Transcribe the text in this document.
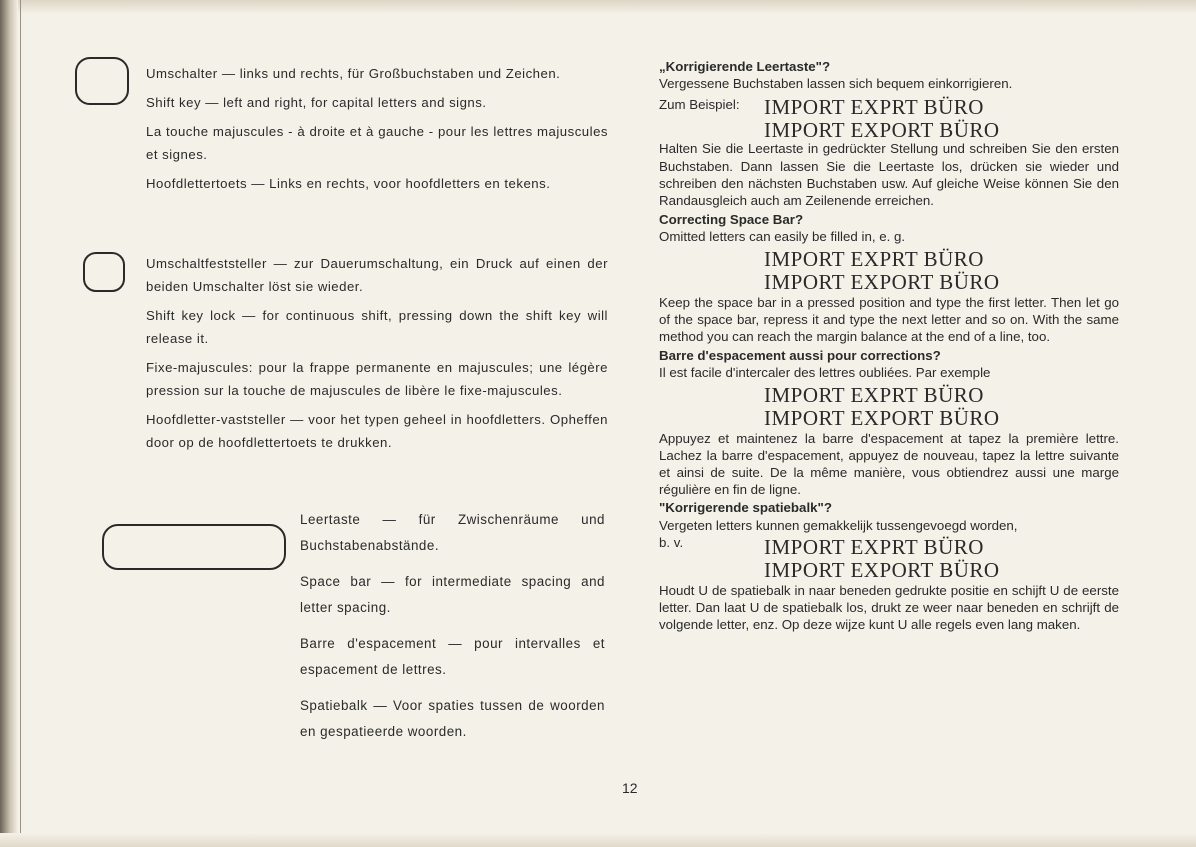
Umschalter — links und rechts, für Großbuchstaben und Zeichen.

Shift key — left and right, for capital letters and signs.

La touche majuscules - à droite et à gauche - pour les lettres majuscules et signes.

Hoofdlettertoets — Links en rechts, voor hoofdletters en tekens.

Umschaltfeststeller — zur Dauerumschaltung, ein Druck auf einen der beiden Umschalter löst sie wieder.

Shift key lock — for continuous shift, pressing down the shift key will release it.

Fixe-majuscules: pour la frappe permanente en majuscules; une légère pression sur la touche de majuscules de libère le fixe-majuscules.

Hoofdletter-vaststeller — voor het typen geheel in hoofdletters. Opheffen door op de hoofdlettertoets te drukken.

Leertaste — für Zwischenräume und Buchstabenabstände.

Space bar — for intermediate spacing and letter spacing.

Barre d'espacement — pour intervalles et espacement de lettres.

Spatiebalk — Voor spaties tussen de woorden en gespatieerde woorden.

„Korrigierende Leertaste"?
Vergessene Buchstaben lassen sich bequem einkorrigieren.
Zum Beispiel: IMPORT EXPRT BÜRO
IMPORT EXPORT BÜRO
Halten Sie die Leertaste in gedrückter Stellung und schreiben Sie den ersten Buchstaben. Dann lassen Sie die Leertaste los, drücken sie wieder und schreiben den nächsten Buchstaben usw. Auf gleiche Weise können Sie den Randausgleich auch am Zeilenende erreichen.
Correcting Space Bar?
Omitted letters can easily be filled in, e. g.
IMPORT EXPRT BÜRO
IMPORT EXPORT BÜRO
Keep the space bar in a pressed position and type the first letter. Then let go of the space bar, repress it and type the next letter and so on. With the same method you can reach the margin balance at the end of a line, too.
Barre d'espacement aussi pour corrections?
Il est facile d'intercaler des lettres oubliées. Par exemple
IMPORT EXPRT BÜRO
IMPORT EXPORT BÜRO
Appuyez et maintenez la barre d'espacement at tapez la première lettre. Lachez la barre d'espacement, appuyez de nouveau, tapez la lettre suivante et ainsi de suite. De la même manière, vous obtiendrez aussi une marge régulière en fin de ligne.
"Korrigerende spatiebalk"?
Vergeten letters kunnen gemakkelijk tussengevoegd worden,
b. v.	IMPORT EXPRT BÜRO
IMPORT EXPORT BÜRO
Houdt U de spatiebalk in naar beneden gedrukte positie en schijft U de eerste letter. Dan laat U de spatiebalk los, drukt ze weer naar beneden en schrijft de volgende letter, enz. Op deze wijze kunt U alle regels even lang maken.
12
